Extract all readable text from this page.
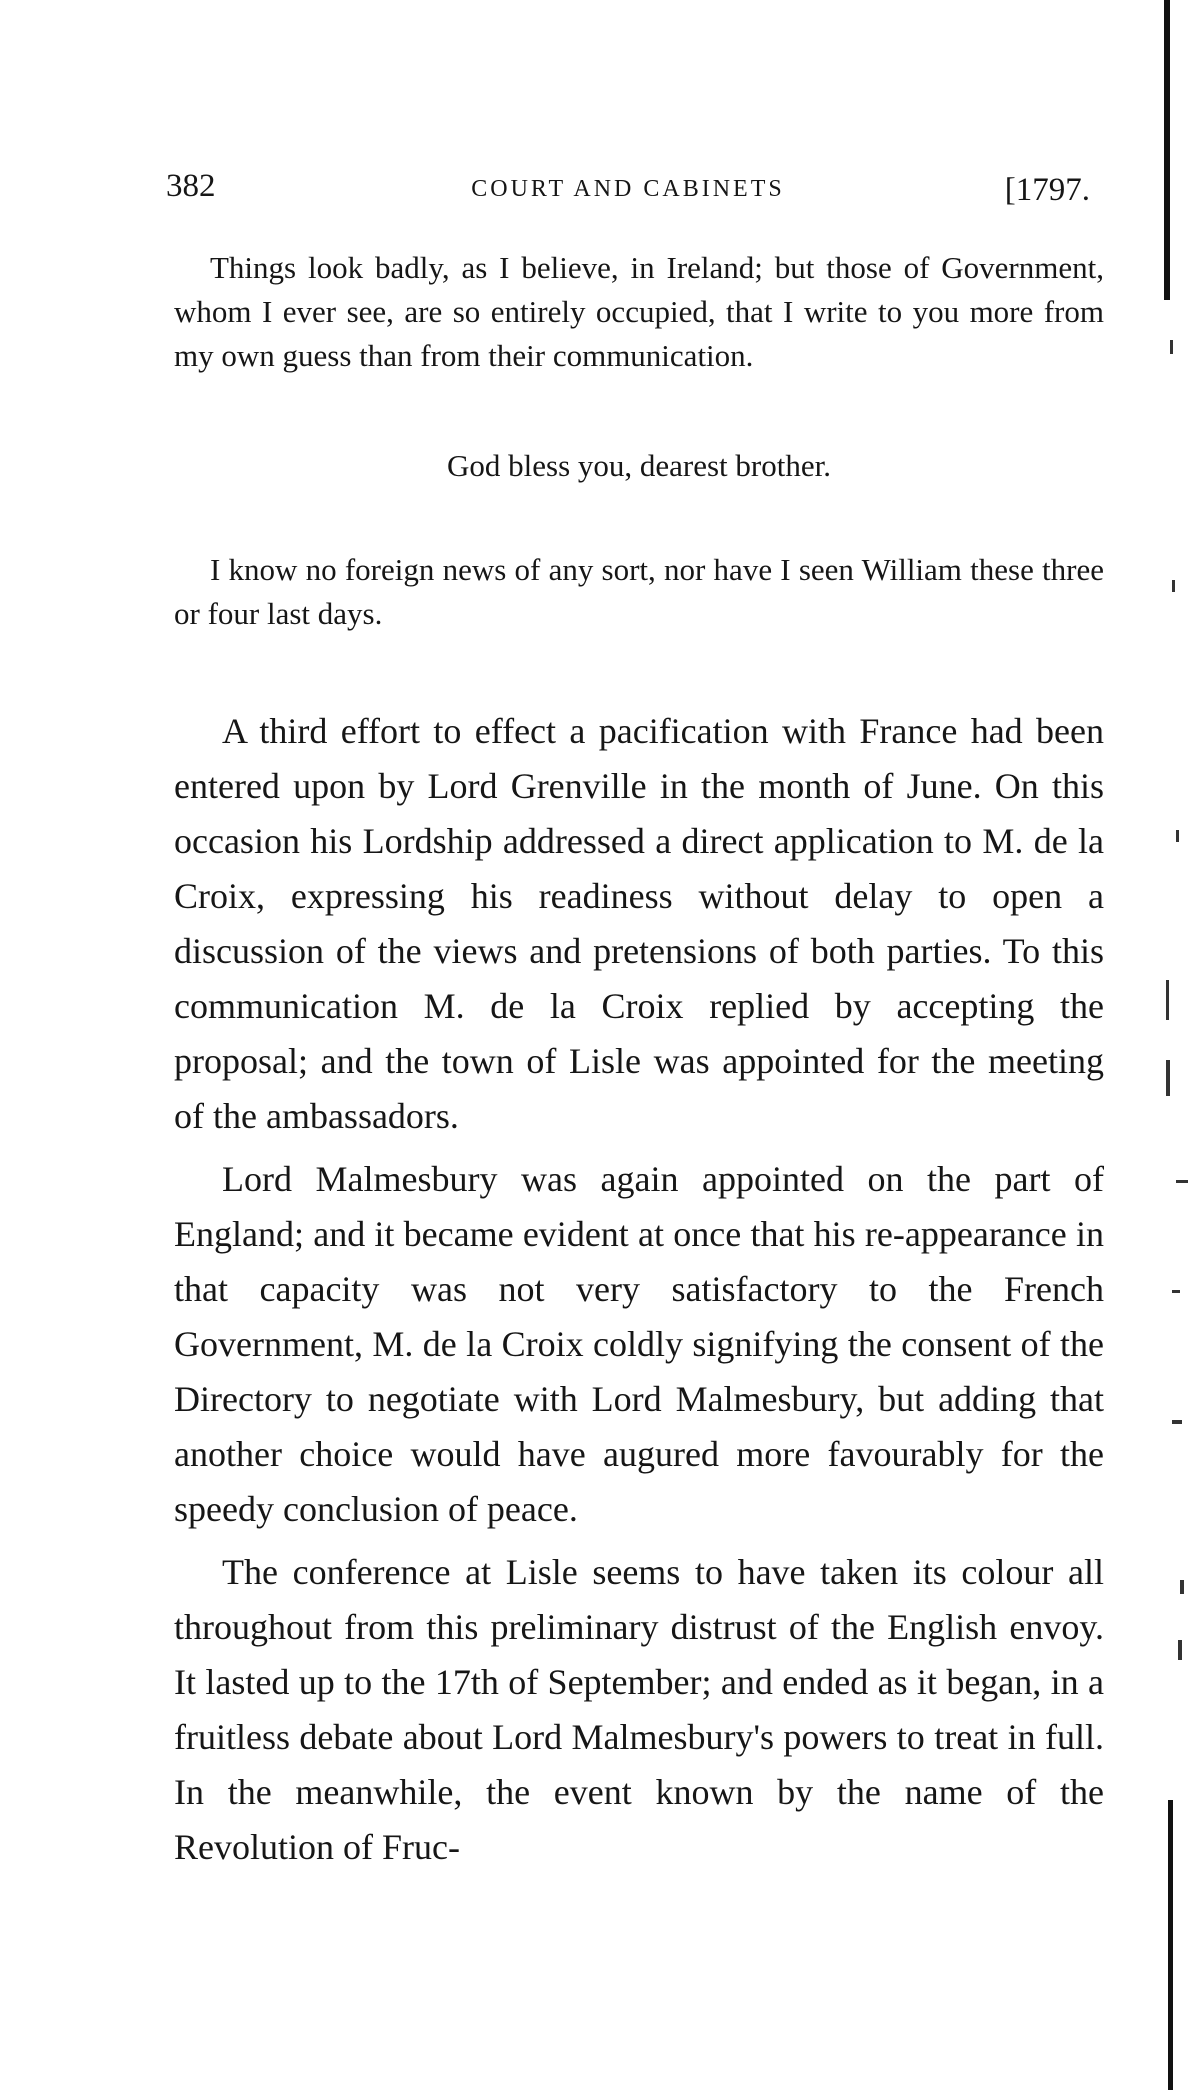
382	COURT AND CABINETS	[1797.

Things look badly, as I believe, in Ireland; but those of Government, whom I ever see, are so entirely occupied, that I write to you more from my own guess than from their communication.

God bless you, dearest brother.

I know no foreign news of any sort, nor have I seen William these three or four last days.

A third effort to effect a pacification with France had been entered upon by Lord Grenville in the month of June. On this occasion his Lordship addressed a direct application to M. de la Croix, expressing his readiness without delay to open a discussion of the views and pretensions of both parties. To this communication M. de la Croix replied by accepting the proposal; and the town of Lisle was appointed for the meeting of the ambassadors.

Lord Malmesbury was again appointed on the part of England; and it became evident at once that his re-appearance in that capacity was not very satisfactory to the French Government, M. de la Croix coldly signifying the consent of the Directory to negotiate with Lord Malmesbury, but adding that another choice would have augured more favourably for the speedy conclusion of peace.

The conference at Lisle seems to have taken its colour all throughout from this preliminary distrust of the English envoy. It lasted up to the 17th of September; and ended as it began, in a fruitless debate about Lord Malmesbury's powers to treat in full. In the meanwhile, the event known by the name of the Revolution of Fruc-
